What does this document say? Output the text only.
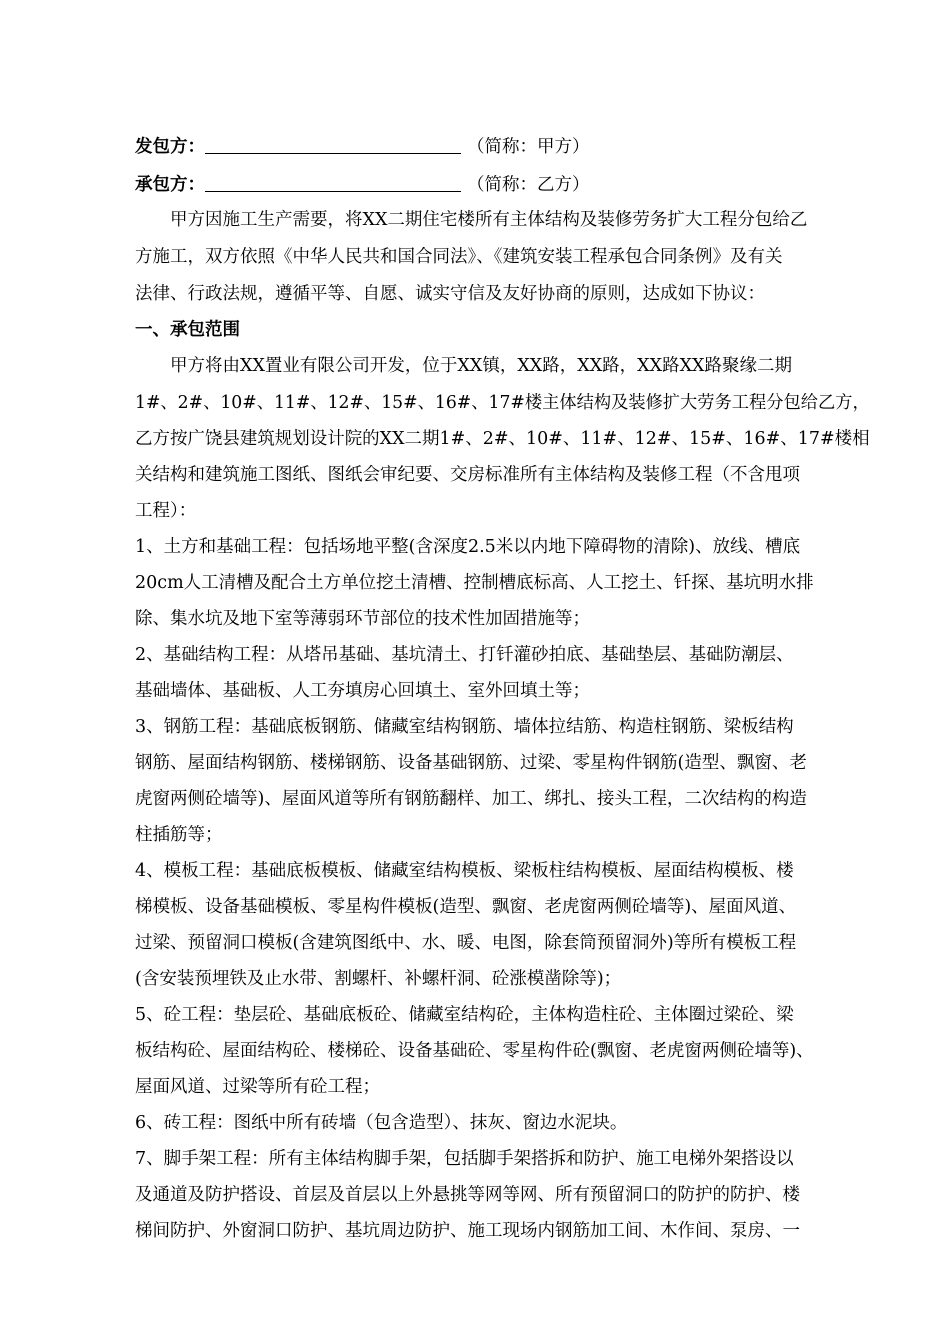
发包方：	（简称：甲方）
承包方：	（简称：乙方）
　　甲方因施工生产需要，将XX二期住宅楼所有主体结构及装修劳务扩大工程分包给乙
方施工，双方依照《中华人民共和国合同法》、《建筑安装工程承包合同条例》及有关
法律、行政法规，遵循平等、自愿、诚实守信及友好协商的原则，达成如下协议：
一、承包范围
　　甲方将由XX置业有限公司开发，位于XX镇，XX路，XX路，XX路XX路聚缘二期
1#、2#、10#、11#、12#、15#、16#、17#楼主体结构及装修扩大劳务工程分包给乙方，
乙方按广饶县建筑规划设计院的XX二期1#、2#、10#、11#、12#、15#、16#、17#楼相
关结构和建筑施工图纸、图纸会审纪要、交房标准所有主体结构及装修工程（不含甩项
工程）：
1、土方和基础工程：包括场地平整(含深度2.5米以内地下障碍物的清除)、放线、槽底
20cm人工清槽及配合土方单位挖土清槽、控制槽底标高、人工挖土、钎探、基坑明水排
除、集水坑及地下室等薄弱环节部位的技术性加固措施等；
2、基础结构工程：从塔吊基础、基坑清土、打钎灌砂拍底、基础垫层、基础防潮层、
基础墙体、基础板、人工夯填房心回填土、室外回填土等；
3、钢筋工程：基础底板钢筋、储藏室结构钢筋、墙体拉结筋、构造柱钢筋、梁板结构
钢筋、屋面结构钢筋、楼梯钢筋、设备基础钢筋、过梁、零星构件钢筋(造型、飘窗、老
虎窗两侧砼墙等)、屋面风道等所有钢筋翻样、加工、绑扎、接头工程，二次结构的构造
柱插筋等；
4、模板工程：基础底板模板、储藏室结构模板、梁板柱结构模板、屋面结构模板、楼
梯模板、设备基础模板、零星构件模板(造型、飘窗、老虎窗两侧砼墙等)、屋面风道、
过梁、预留洞口模板(含建筑图纸中、水、暖、电图，除套筒预留洞外)等所有模板工程
(含安装预埋铁及止水带、割螺杆、补螺杆洞、砼涨模凿除等)；
5、砼工程：垫层砼、基础底板砼、储藏室结构砼，主体构造柱砼、主体圈过梁砼、梁
板结构砼、屋面结构砼、楼梯砼、设备基础砼、零星构件砼(飘窗、老虎窗两侧砼墙等)、
屋面风道、过梁等所有砼工程；
6、砖工程：图纸中所有砖墙（包含造型）、抹灰、窗边水泥块。
7、脚手架工程：所有主体结构脚手架，包括脚手架搭拆和防护、施工电梯外架搭设以
及通道及防护搭设、首层及首层以上外悬挑等网等网、所有预留洞口的防护的防护、楼
梯间防护、外窗洞口防护、基坑周边防护、施工现场内钢筋加工间、木作间、泵房、一
